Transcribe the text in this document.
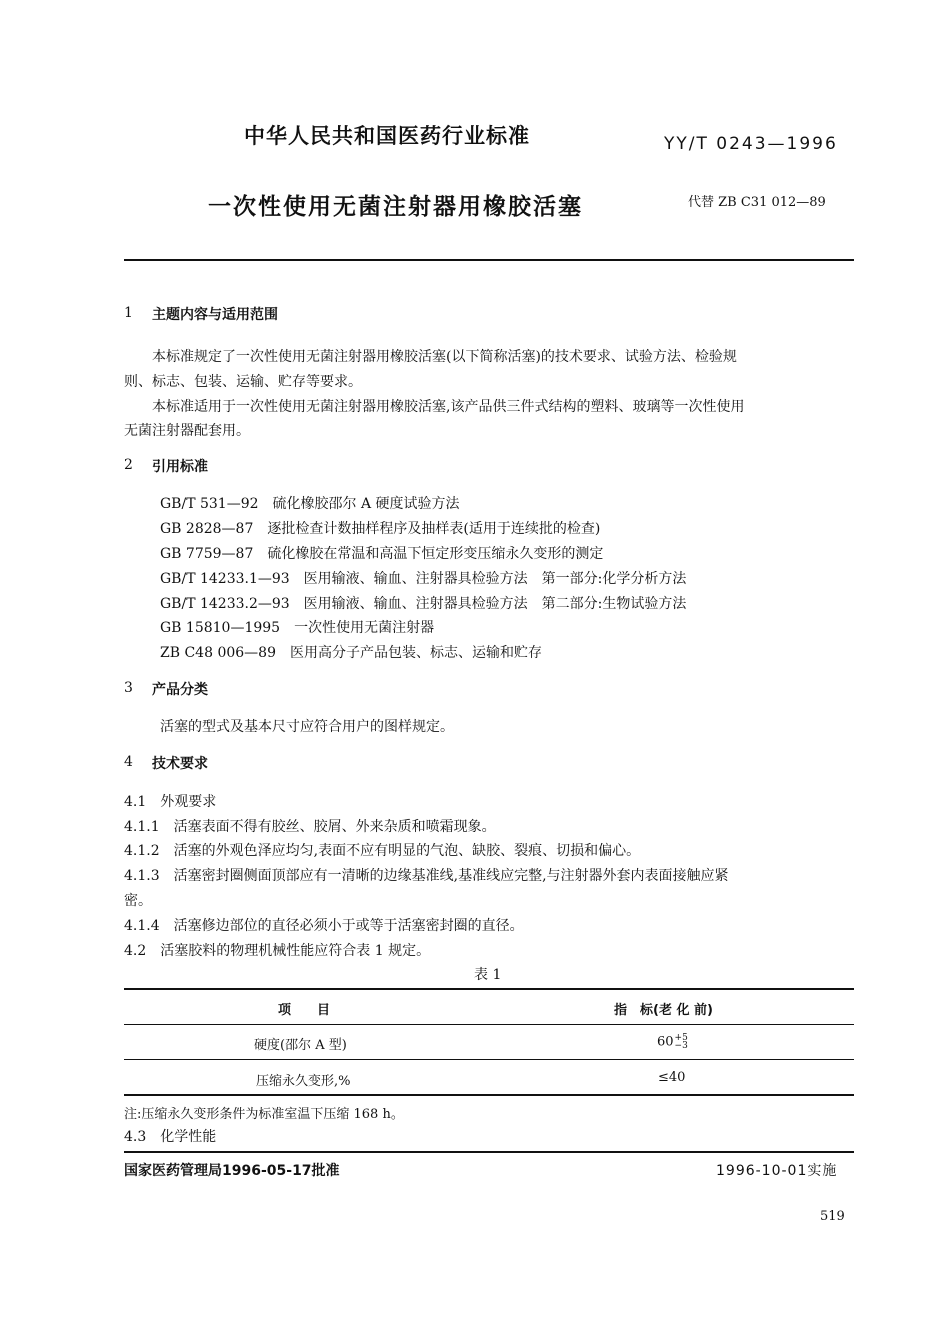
中华人民共和国医药行业标准	YY/T 0243—1996
一次性使用无菌注射器用橡胶活塞	代替 ZB C31 012—89
1 主题内容与适用范围
本标准规定了一次性使用无菌注射器用橡胶活塞(以下简称活塞)的技术要求、试验方法、检验规
则、标志、包装、运输、贮存等要求。
本标准适用于一次性使用无菌注射器用橡胶活塞,该产品供三件式结构的塑料、玻璃等一次性使用
无菌注射器配套用。
2 引用标准
GB/T 531—92　硫化橡胶邵尔 A 硬度试验方法
GB 2828—87　逐批检查计数抽样程序及抽样表(适用于连续批的检查)
GB 7759—87　硫化橡胶在常温和高温下恒定形变压缩永久变形的测定
GB/T 14233.1—93　医用输液、输血、注射器具检验方法　第一部分:化学分析方法
GB/T 14233.2—93　医用输液、输血、注射器具检验方法　第二部分:生物试验方法
GB 15810—1995　一次性使用无菌注射器
ZB C48 006—89　医用高分子产品包装、标志、运输和贮存
3 产品分类
活塞的型式及基本尺寸应符合用户的图样规定。
4 技术要求
4.1　外观要求
4.1.1　活塞表面不得有胶丝、胶屑、外来杂质和喷霜现象。
4.1.2　活塞的外观色泽应均匀,表面不应有明显的气泡、缺胶、裂痕、切损和偏心。
4.1.3　活塞密封圈侧面顶部应有一清晰的边缘基准线,基准线应完整,与注射器外套内表面接触应紧
密。
4.1.4　活塞修边部位的直径必须小于或等于活塞密封圈的直径。
4.2　活塞胶料的物理机械性能应符合表 1 规定。
表 1
项　　目	指　标(老 化 前)
硬度(邵尔 A 型)	60 +5
−3
压缩永久变形,%	≤40
注:压缩永久变形条件为标准室温下压缩 168 h。
4.3　化学性能
国家医药管理局1996-05-17批准	1996-10-01实施
519
